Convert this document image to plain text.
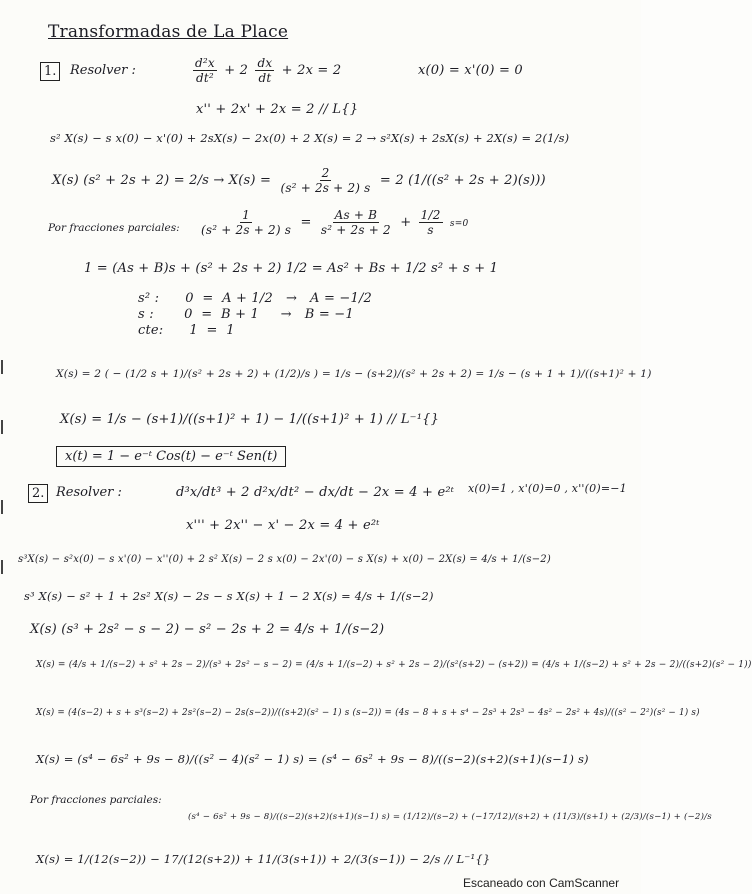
Transformadas de La Place
1.	Resolver :	$\frac{\text{d²x}}{\text{dt²}} + 2 \frac{dx}{dt} + 2x = 2$	x(0) = x'(0) = 0
x'' + 2x' + 2x = 2 // L{}
s² X(s) − s x(0) − x'(0) + 2sX(s) − 2x(0) + 2 X(s) = 2 → s²X(s) + 2sX(s) + 2X(s) = 2(1/s)
X(s) $(s^2 + 2s + 2) = 2/s \to X(s) = \frac{2}{\text{(s² + 2s + 2) s}} = 2$ (1/((s² + 2s + 2)(s)))
Por fracciones parciales: $\frac{1}{\text{(s² + 2s + 2) s}} = \frac{As + B}{\text{s² + 2s + 2}} + \frac{1/2}{s} s=0$
1 = (As + B)s + (s² + 2s + 2) 1/2 = As² + Bs + 1/2 s² + s + 1
s² :      0  =  A + 1/2   →   A = −1/2
s :       0  =  B + 1     →   B = −1
cte:      1  =  1
X(s) = 2 ( − (1/2 s + 1)/(s² + 2s + 2) + (1/2)/s ) = 1/s − (s+2)/(s² + 2s + 2) = 1/s − (s + 1 + 1)/((s+1)² + 1)
X(s) = 1/s − (s+1)/((s+1)² + 1) − 1/((s+1)² + 1) // L⁻¹{}
x(t) = 1 − e⁻ᵗ Cos(t) − e⁻ᵗ Sen(t)
2. Resolver :	d³x/dt³ + 2 d²x/dt² − dx/dt − 2x = 4 + e²ᵗ x(0)=1 , x'(0)=0 , x''(0)=−1
x''' + 2x'' − x' − 2x = 4 + e²ᵗ
s³X(s) − s²x(0) − s x'(0) − x''(0) + 2 s² X(s) − 2 s x(0) − 2x'(0) − s X(s) + x(0) − 2X(s) = 4/s + 1/(s−2)
s³ X(s) − s² + 1 + 2s² X(s) − 2s − s X(s) + 1 − 2 X(s) = 4/s + 1/(s−2)
X(s) (s³ + 2s² − s − 2) − s² − 2s + 2 = 4/s + 1/(s−2)
X(s) = (4/s + 1/(s−2) + s² + 2s − 2)/(s³ + 2s² − s − 2) = (4/s + 1/(s−2) + s² + 2s − 2)/(s²(s+2) − (s+2)) = (4/s + 1/(s−2) + s² + 2s − 2)/((s+2)(s² − 1))
X(s) = (4(s−2) + s + s³(s−2) + 2s²(s−2) − 2s(s−2))/((s+2)(s² − 1) s (s−2)) = (4s − 8 + s + s⁴ − 2s³ + 2s³ − 4s² − 2s² + 4s)/((s² − 2²)(s² − 1) s)
X(s) = (s⁴ − 6s² + 9s − 8)/((s² − 4)(s² − 1) s) = (s⁴ − 6s² + 9s − 8)/((s−2)(s+2)(s+1)(s−1) s)
Por fracciones parciales:
(s⁴ − 6s² + 9s − 8)/((s−2)(s+2)(s+1)(s−1) s) = (1/12)/(s−2) + (−17/12)/(s+2) + (11/3)/(s+1) + (2/3)/(s−1) + (−2)/s
X(s) = 1/(12(s−2)) − 17/(12(s+2)) + 11/(3(s+1)) + 2/(3(s−1)) − 2/s // L⁻¹{}
Escaneado con CamScanner
